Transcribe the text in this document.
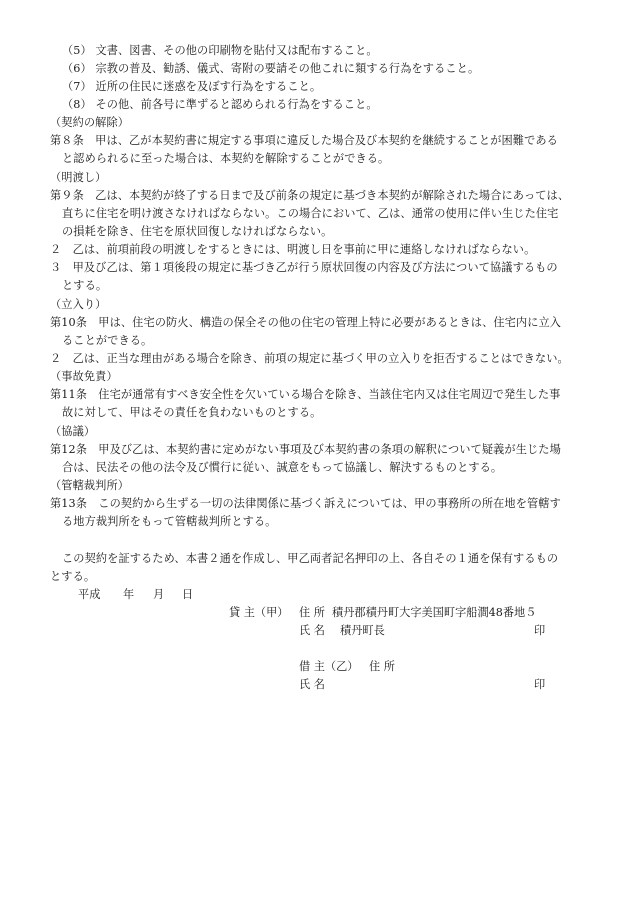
（5） 文書、図書、その他の印刷物を貼付又は配布すること。
（6） 宗教の普及、勧誘、儀式、寄附の要請その他これに類する行為をすること。
（7） 近所の住民に迷惑を及ぼす行為をすること。
（8） その他、前各号に準ずると認められる行為をすること。
（契約の解除）
第８条　甲は、乙が本契約書に規定する事項に違反した場合及び本契約を継続することが困難である
と認められるに至った場合は、本契約を解除することができる。
（明渡し）
第９条　乙は、本契約が終了する日まで及び前条の規定に基づき本契約が解除された場合にあっては、
直ちに住宅を明け渡さなければならない。この場合において、乙は、通常の使用に伴い生じた住宅
の損耗を除き、住宅を原状回復しなければならない。
２　乙は、前項前段の明渡しをするときには、明渡し日を事前に甲に連絡しなければならない。
３　甲及び乙は、第１項後段の規定に基づき乙が行う原状回復の内容及び方法について協議するもの
とする。
（立入り）
第10条　甲は、住宅の防火、構造の保全その他の住宅の管理上特に必要があるときは、住宅内に立入
ることができる。
２　乙は、正当な理由がある場合を除き、前項の規定に基づく甲の立入りを拒否することはできない。
（事故免責）
第11条　住宅が通常有すべき安全性を欠いている場合を除き、当該住宅内又は住宅周辺で発生した事
故に対して、甲はその責任を負わないものとする。
（協議）
第12条　甲及び乙は、本契約書に定めがない事項及び本契約書の条項の解釈について疑義が生じた場
合は、民法その他の法令及び慣行に従い、誠意をもって協議し、解決するものとする。
（管轄裁判所）
第13条　この契約から生ずる一切の法律関係に基づく訴えについては、甲の事務所の所在地を管轄す
る地方裁判所をもって管轄裁判所とする。
この契約を証するため、本書２通を作成し、甲乙両者記名押印の上、各自その１通を保有するもの
とする。
平成 年 月 日
貸 主（甲） 住 所 積丹郡積丹町大字美国町字船澗48番地５
氏 名 積丹町長	印
借 主（乙） 住 所
氏 名	印
